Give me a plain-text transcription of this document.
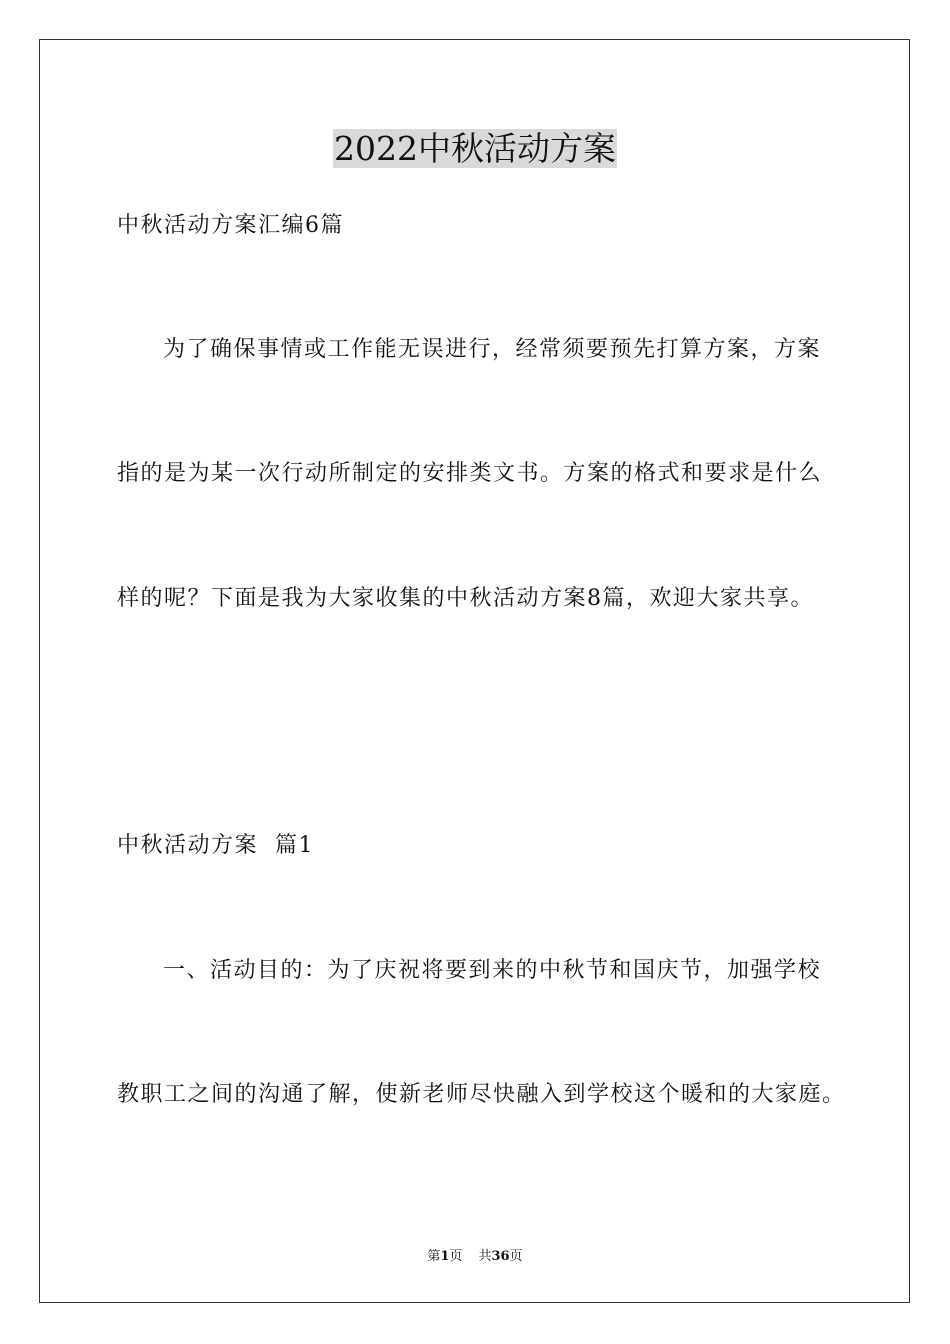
2022中秋活动方案
中秋活动方案汇编6篇
为了确保事情或工作能无误进行，经常须要预先打算方案，方案
指的是为某一次行动所制定的安排类文书。方案的格式和要求是什么
样的呢？下面是我为大家收集的中秋活动方案8篇，欢迎大家共享。
中秋活动方案  篇1
一、活动目的：为了庆祝将要到来的中秋节和国庆节，加强学校
教职工之间的沟通了解，使新老师尽快融入到学校这个暖和的大家庭。
第1页 共36页
